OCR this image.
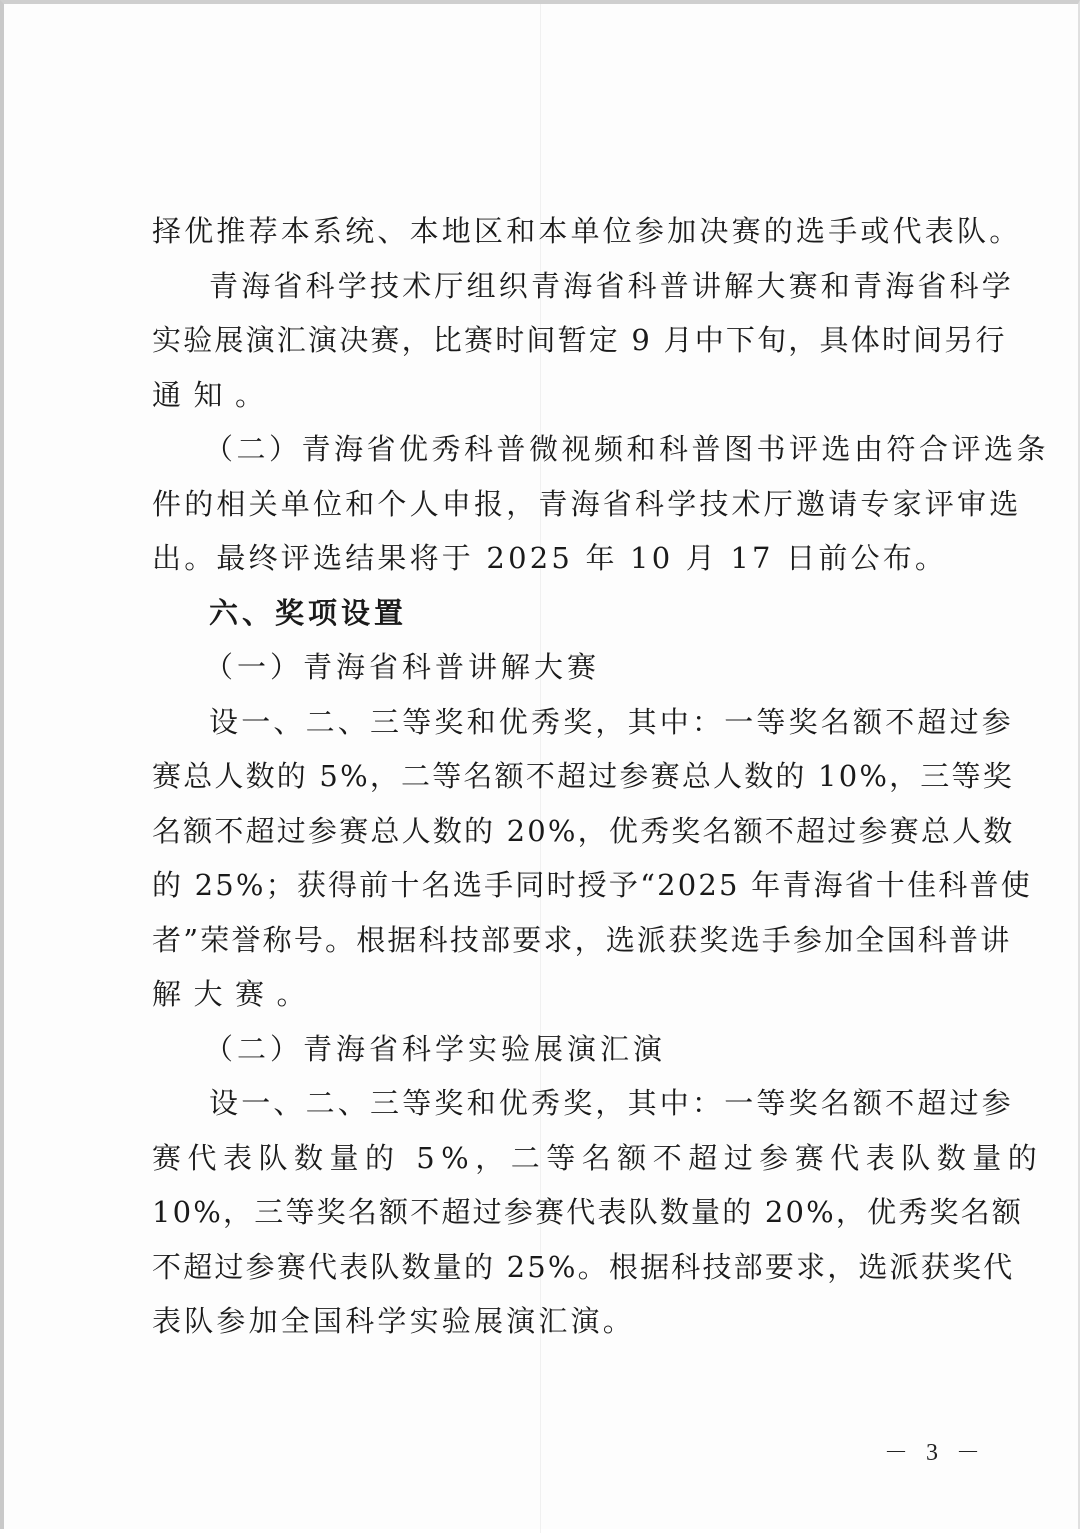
择优推荐本系统、本地区和本单位参加决赛的选手或代表队。
青海省科学技术厅组织青海省科普讲解大赛和青海省科学
实验展演汇演决赛，比赛时间暂定 9 月中下旬，具体时间另行
通知。
（二）青海省优秀科普微视频和科普图书评选由符合评选条
件的相关单位和个人申报，青海省科学技术厅邀请专家评审选
出。最终评选结果将于 2025 年 10 月 17 日前公布。
六、奖项设置
（一）青海省科普讲解大赛
设一、二、三等奖和优秀奖，其中：一等奖名额不超过参
赛总人数的 5%，二等名额不超过参赛总人数的 10%，三等奖
名额不超过参赛总人数的 20%，优秀奖名额不超过参赛总人数
的 25%；获得前十名选手同时授予“2025 年青海省十佳科普使
者”荣誉称号。根据科技部要求，选派获奖选手参加全国科普讲
解大赛。
（二）青海省科学实验展演汇演
设一、二、三等奖和优秀奖，其中：一等奖名额不超过参
赛代表队数量的 5%，二等名额不超过参赛代表队数量的
10%，三等奖名额不超过参赛代表队数量的 20%，优秀奖名额
不超过参赛代表队数量的 25%。根据科技部要求，选派获奖代
表队参加全国科学实验展演汇演。
－ 3 －
